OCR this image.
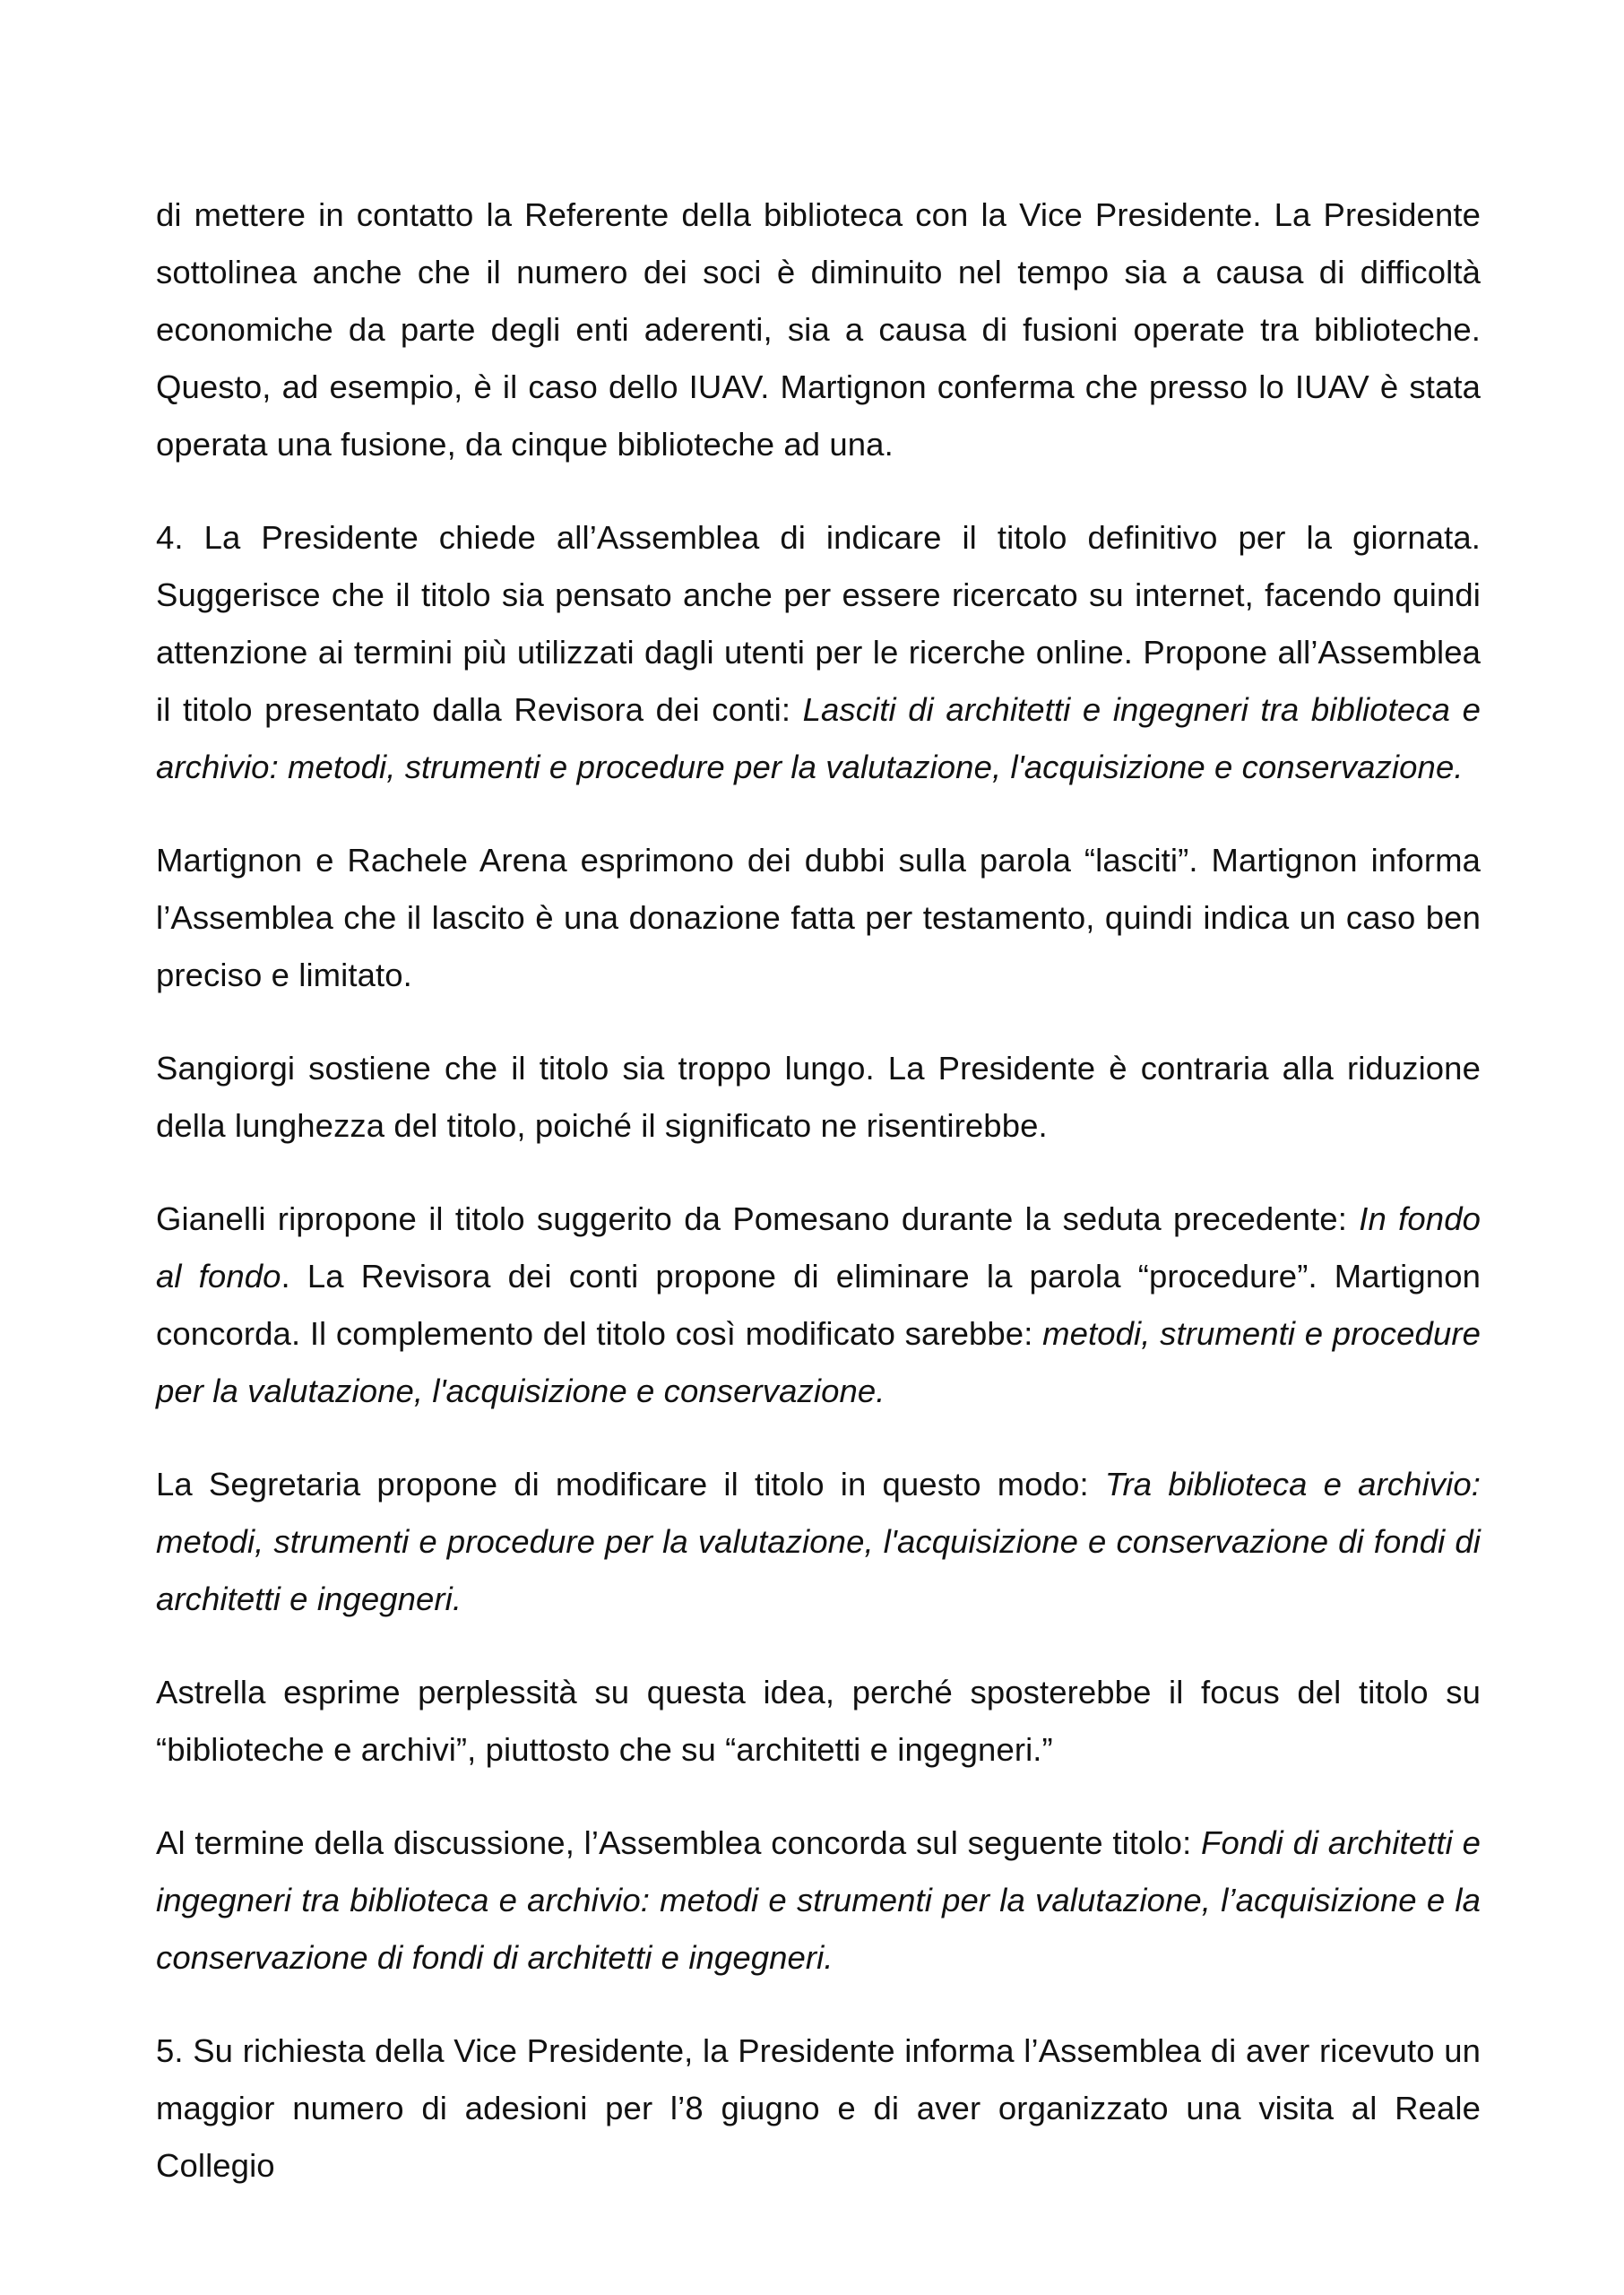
di mettere in contatto la Referente della biblioteca con la Vice Presidente. La Presidente sottolinea anche che il numero dei soci è diminuito nel tempo sia a causa di difficoltà economiche da parte degli enti aderenti, sia a causa di fusioni operate tra biblioteche. Questo, ad esempio, è il caso dello IUAV. Martignon conferma che presso lo IUAV è stata operata una fusione, da cinque biblioteche ad una.

4. La Presidente chiede all’Assemblea di indicare il titolo definitivo per la giornata. Suggerisce che il titolo sia pensato anche per essere ricercato su internet, facendo quindi attenzione ai termini più utilizzati dagli utenti per le ricerche online. Propone all’Assemblea il titolo presentato dalla Revisora dei conti: Lasciti di architetti e ingegneri tra biblioteca e archivio: metodi, strumenti e procedure per la valutazione, l'acquisizione e conservazione.

Martignon e Rachele Arena esprimono dei dubbi sulla parola “lasciti”. Martignon informa l’Assemblea che il lascito è una donazione fatta per testamento, quindi indica un caso ben preciso e limitato.

Sangiorgi sostiene che il titolo sia troppo lungo. La Presidente è contraria alla riduzione della lunghezza del titolo, poiché il significato ne risentirebbe.

Gianelli ripropone il titolo suggerito da Pomesano durante la seduta precedente: In fondo al fondo. La Revisora dei conti propone di eliminare la parola “procedure”. Martignon concorda. Il complemento del titolo così modificato sarebbe: metodi, strumenti e procedure per la valutazione, l'acquisizione e conservazione.

La Segretaria propone di modificare il titolo in questo modo: Tra biblioteca e archivio: metodi, strumenti e procedure per la valutazione, l'acquisizione e conservazione di fondi di architetti e ingegneri.

Astrella esprime perplessità su questa idea, perché sposterebbe il focus del titolo su “biblioteche e archivi”, piuttosto che su “architetti e ingegneri.”

Al termine della discussione, l’Assemblea concorda sul seguente titolo: Fondi di architetti e ingegneri tra biblioteca e archivio: metodi e strumenti per la valutazione, l’acquisizione e la conservazione di fondi di architetti e ingegneri.

5. Su richiesta della Vice Presidente, la Presidente informa l’Assemblea di aver ricevuto un maggior numero di adesioni per l’8 giugno e di aver organizzato una visita al Reale Collegio
